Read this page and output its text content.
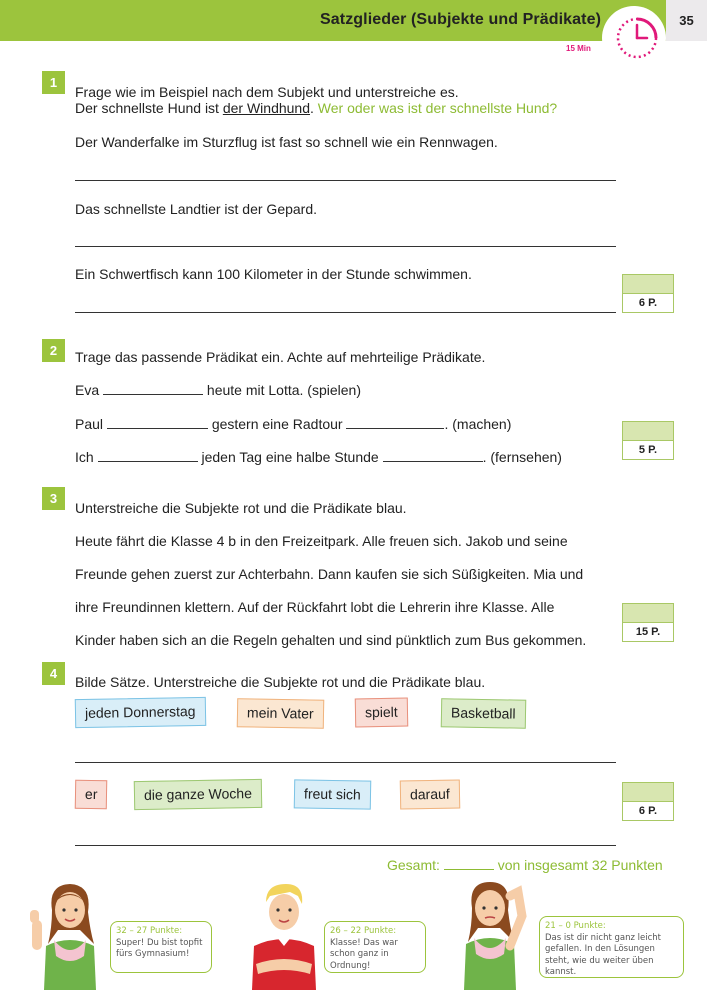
Satzglieder (Subjekte und Prädikate)	35
15 Min
1
Frage wie im Beispiel nach dem Subjekt und unterstreiche es.
Der schnellste Hund ist der Windhund. Wer oder was ist der schnellste Hund?
Der Wanderfalke im Sturzflug ist fast so schnell wie ein Rennwagen.
Das schnellste Landtier ist der Gepard.
Ein Schwertfisch kann 100 Kilometer in der Stunde schwimmen.
6 P.
2	Trage das passende Prädikat ein. Achte auf mehrteilige Prädikate.
Eva	heute mit Lotta. (spielen)
Paul	gestern eine Radtour	. (machen)
Ich	jeden Tag eine halbe Stunde	. (fernsehen)	5 P.
3
Unterstreiche die Subjekte rot und die Prädikate blau.
Heute fährt die Klasse 4 b in den Freizeitpark. Alle freuen sich. Jakob und seine
Freunde gehen zuerst zur Achterbahn. Dann kaufen sie sich Süßigkeiten. Mia und
ihre Freundinnen klettern. Auf der Rückfahrt lobt die Lehrerin ihre Klasse. Alle
Kinder haben sich an die Regeln gehalten und sind pünktlich zum Bus gekommen.	15 P.
4
Bilde Sätze. Unterstreiche die Subjekte rot und die Prädikate blau.
jeden Donnerstag	mein Vater	spielt	Basketball
er	die ganze Woche	freut sich	darauf
6 P.
Gesamt:	von insgesamt 32 Punkten
32 – 27 Punkte:
Super! Du bist topfit fürs Gymnasium!
26 – 22 Punkte:
Klasse! Das war schon ganz in Ordnung!
21 – 0 Punkte:
Das ist dir nicht ganz leicht gefallen. In den Lösungen steht, wie du weiter üben kannst.
